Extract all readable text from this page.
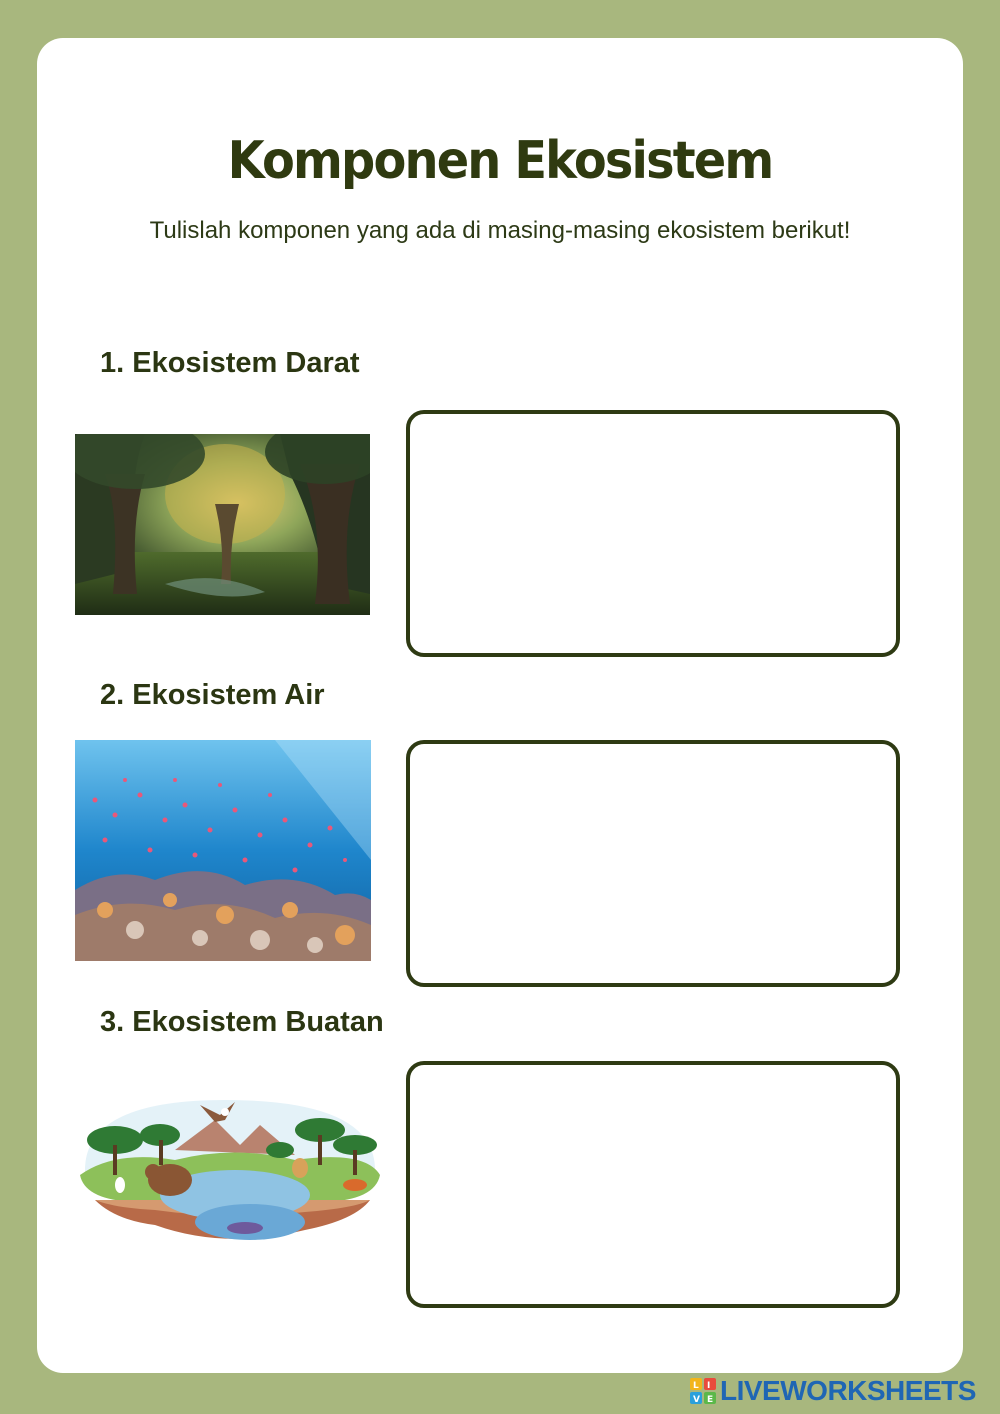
Komponen Ekosistem
Tulislah komponen yang ada di masing-masing ekosistem berikut!
1. Ekosistem Darat
2. Ekosistem Air
3. Ekosistem Buatan
L I
V E LIVEWORKSHEETS
